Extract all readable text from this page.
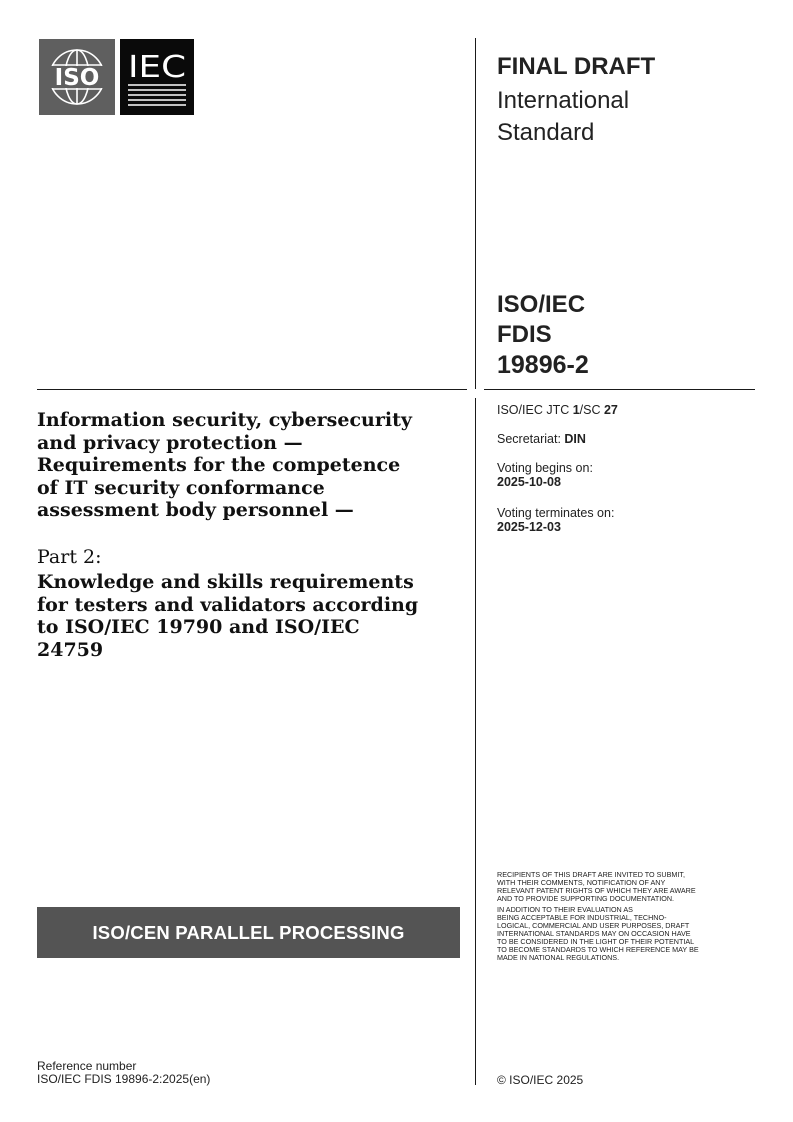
ISO IEC	FINAL DRAFT
International
Standard
ISO/IEC
FDIS
19896-2
ISO/IEC JTC 1/SC 27
Secretariat: DIN
Voting begins on:
2025-10-08
Voting terminates on:
2025-12-03
Information security, cybersecurity
and privacy protection —
Requirements for the competence
of IT security conformance
assessment body personnel —
Part 2:
Knowledge and skills requirements
for testers and validators according
to ISO/IEC 19790 and ISO/IEC
24759
ISO/CEN PARALLEL PROCESSING
RECIPIENTS OF THIS DRAFT ARE INVITED TO SUBMIT,
WITH THEIR COMMENTS, NOTIFICATION OF ANY
RELEVANT PATENT RIGHTS OF WHICH THEY ARE AWARE
AND TO PROVIDE SUPPORTING DOCUMENTATION.
IN ADDITION TO THEIR EVALUATION AS
BEING ACCEPTABLE FOR INDUSTRIAL, TECHNO-
LOGICAL, COMMERCIAL AND USER PURPOSES, DRAFT
INTERNATIONAL STANDARDS MAY ON OCCASION HAVE
TO BE CONSIDERED IN THE LIGHT OF THEIR POTENTIAL
TO BECOME STANDARDS TO WHICH REFERENCE MAY BE
MADE IN NATIONAL REGULATIONS.
Reference number
ISO/IEC FDIS 19896-2:2025(en)	© ISO/IEC 2025
